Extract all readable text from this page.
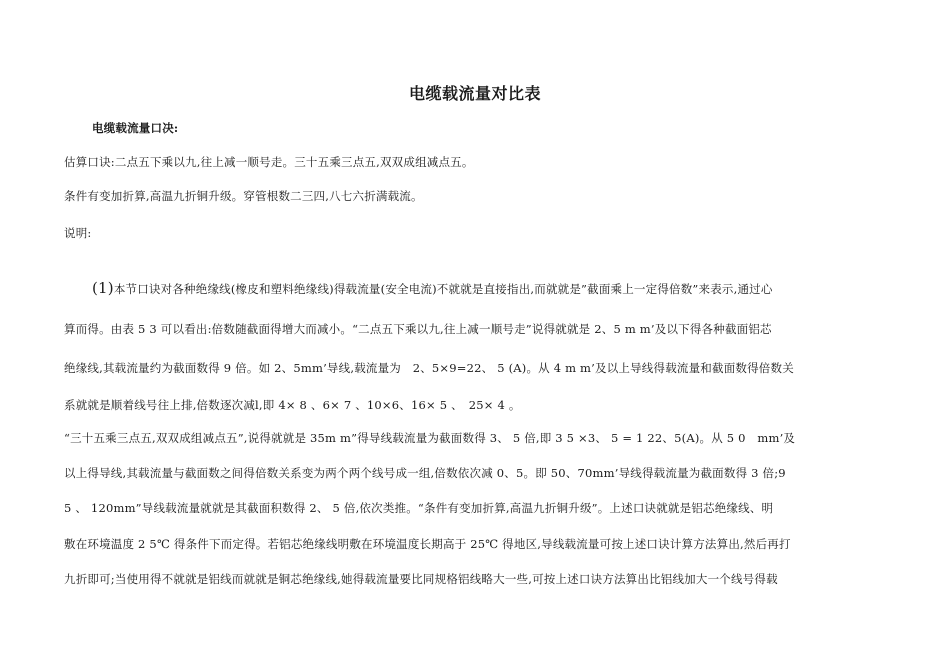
电缆载流量对比表
电缆载流量口决:
估算口诀:二点五下乘以九,往上减一顺号走。三十五乘三点五,双双成组减点五。
条件有变加折算,高温九折铜升级。穿管根数二三四,八七六折满载流。
说明:
(1)本节口诀对各种绝缘线(橡皮和塑料绝缘线)得载流量(安全电流)不就就是直接指出,而就就是”截面乘上一定得倍数”来表示,通过心
算而得。由表 5 3 可以看出:倍数随截面得增大而减小。“二点五下乘以九,往上减一顺号走”说得就就是 2、5 m m’及以下得各种截面铝芯
绝缘线,其载流量约为截面数得 9 倍。如 2、5mm’导线,载流量为　2、5×9=22、 5 (A)。从 4 m m’及以上导线得载流量和截面数得倍数关
系就就是顺着线号往上排,倍数逐次减l,即 4× 8 、6× 7 、10×6、16× 5 、　25× 4 。
“三十五乘三点五,双双成组减点五”,说得就就是 35m m”得导线载流量为截面数得 3、 5 倍,即 3 5 ×3、 5 = 1 22、5(A)。从 5 0　mm’及
以上得导线,其载流量与截面数之间得倍数关系变为两个两个线号成一组,倍数依次减 0、5。即 50、70mm’导线得载流量为截面数得 3 倍;9
5 、 120mm”导线载流量就就是其截面积数得 2、 5 倍,依次类推。“条件有变加折算,高温九折铜升级”。上述口诀就就是铝芯绝缘线、明
敷在环境温度 2 5℃ 得条件下而定得。若铝芯绝缘线明敷在环境温度长期高于 25℃ 得地区,导线载流量可按上述口诀计算方法算出,然后再打
九折即可;当使用得不就就是铝线而就就是铜芯绝缘线,她得载流量要比同规格铝线略大一些,可按上述口诀方法算出比铝线加大一个线号得载
